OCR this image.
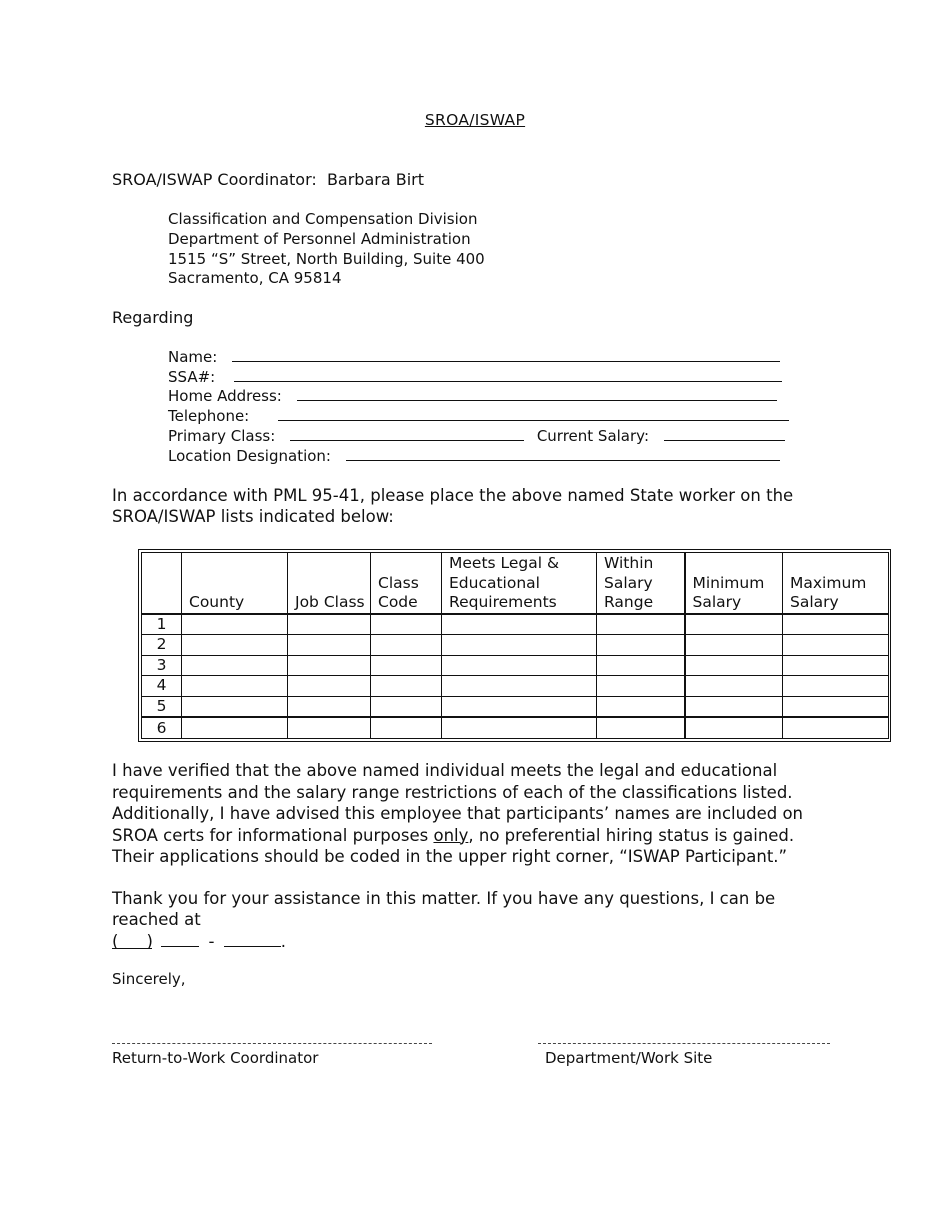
SROA/ISWAP
SROA/ISWAP Coordinator: Barbara Birt
Classification and Compensation Division
Department of Personnel Administration
1515 “S” Street, North Building, Suite 400
Sacramento, CA 95814
Regarding
Name:
SSA#:
Home Address:
Telephone:
Primary Class:	Current Salary:
Location Designation:
In accordance with PML 95-41, please place the above named State worker on the SROA/ISWAP lists indicated below:
	County	Job Class	Class Code	Meets Legal & Educational Requirements	Within Salary Range	Minimum Salary	Maximum Salary
1							
2							
3							
4							
5							
6							
I have verified that the above named individual meets the legal and educational requirements and the salary range restrictions of each of the classifications listed. Additionally, I have advised this employee that participants’ names are included on SROA certs for informational purposes only, no preferential hiring status is gained. Their applications should be coded in the upper right corner, “ISWAP Participant.”
Thank you for your assistance in this matter. If you have any questions, I can be reached at
( )	-	.
Sincerely,
Return-to-Work Coordinator	Department/Work Site
